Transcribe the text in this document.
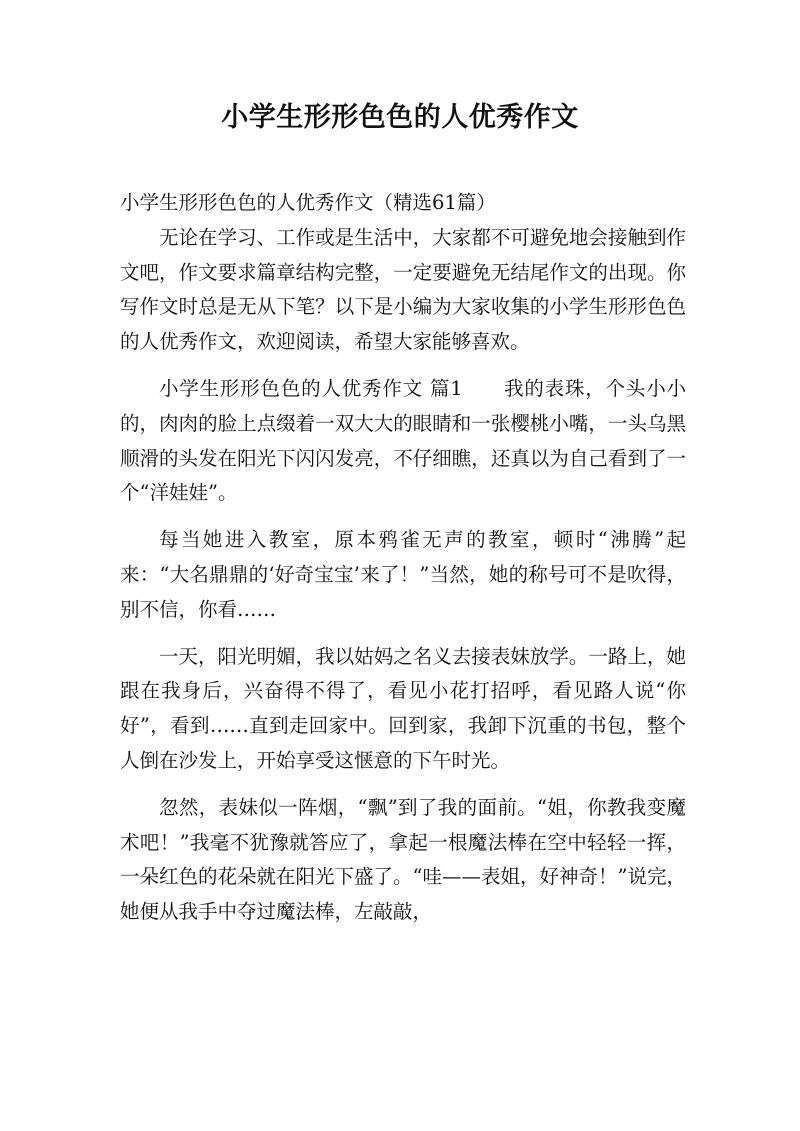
小学生形形色色的人优秀作文

小学生形形色色的人优秀作文（精选61篇）

无论在学习、工作或是生活中，大家都不可避免地会接触到作文吧，作文要求篇章结构完整，一定要避免无结尾作文的出现。你写作文时总是无从下笔？以下是小编为大家收集的小学生形形色色的人优秀作文，欢迎阅读，希望大家能够喜欢。

小学生形形色色的人优秀作文 篇1　　我的表珠，个头小小的，肉肉的脸上点缀着一双大大的眼睛和一张樱桃小嘴，一头乌黑顺滑的头发在阳光下闪闪发亮，不仔细瞧，还真以为自己看到了一个“洋娃娃”。

每当她进入教室，原本鸦雀无声的教室，顿时“沸腾”起来：“大名鼎鼎的‘好奇宝宝’来了！”当然，她的称号可不是吹得，别不信，你看……

一天，阳光明媚，我以姑妈之名义去接表妹放学。一路上，她跟在我身后，兴奋得不得了，看见小花打招呼，看见路人说“你好”，看到……直到走回家中。回到家，我卸下沉重的书包，整个人倒在沙发上，开始享受这惬意的下午时光。

忽然，表妹似一阵烟，“飘”到了我的面前。“姐，你教我变魔术吧！”我毫不犹豫就答应了，拿起一根魔法棒在空中轻轻一挥，一朵红色的花朵就在阳光下盛了。“哇——表姐，好神奇！”说完，她便从我手中夺过魔法棒，左敲敲，
